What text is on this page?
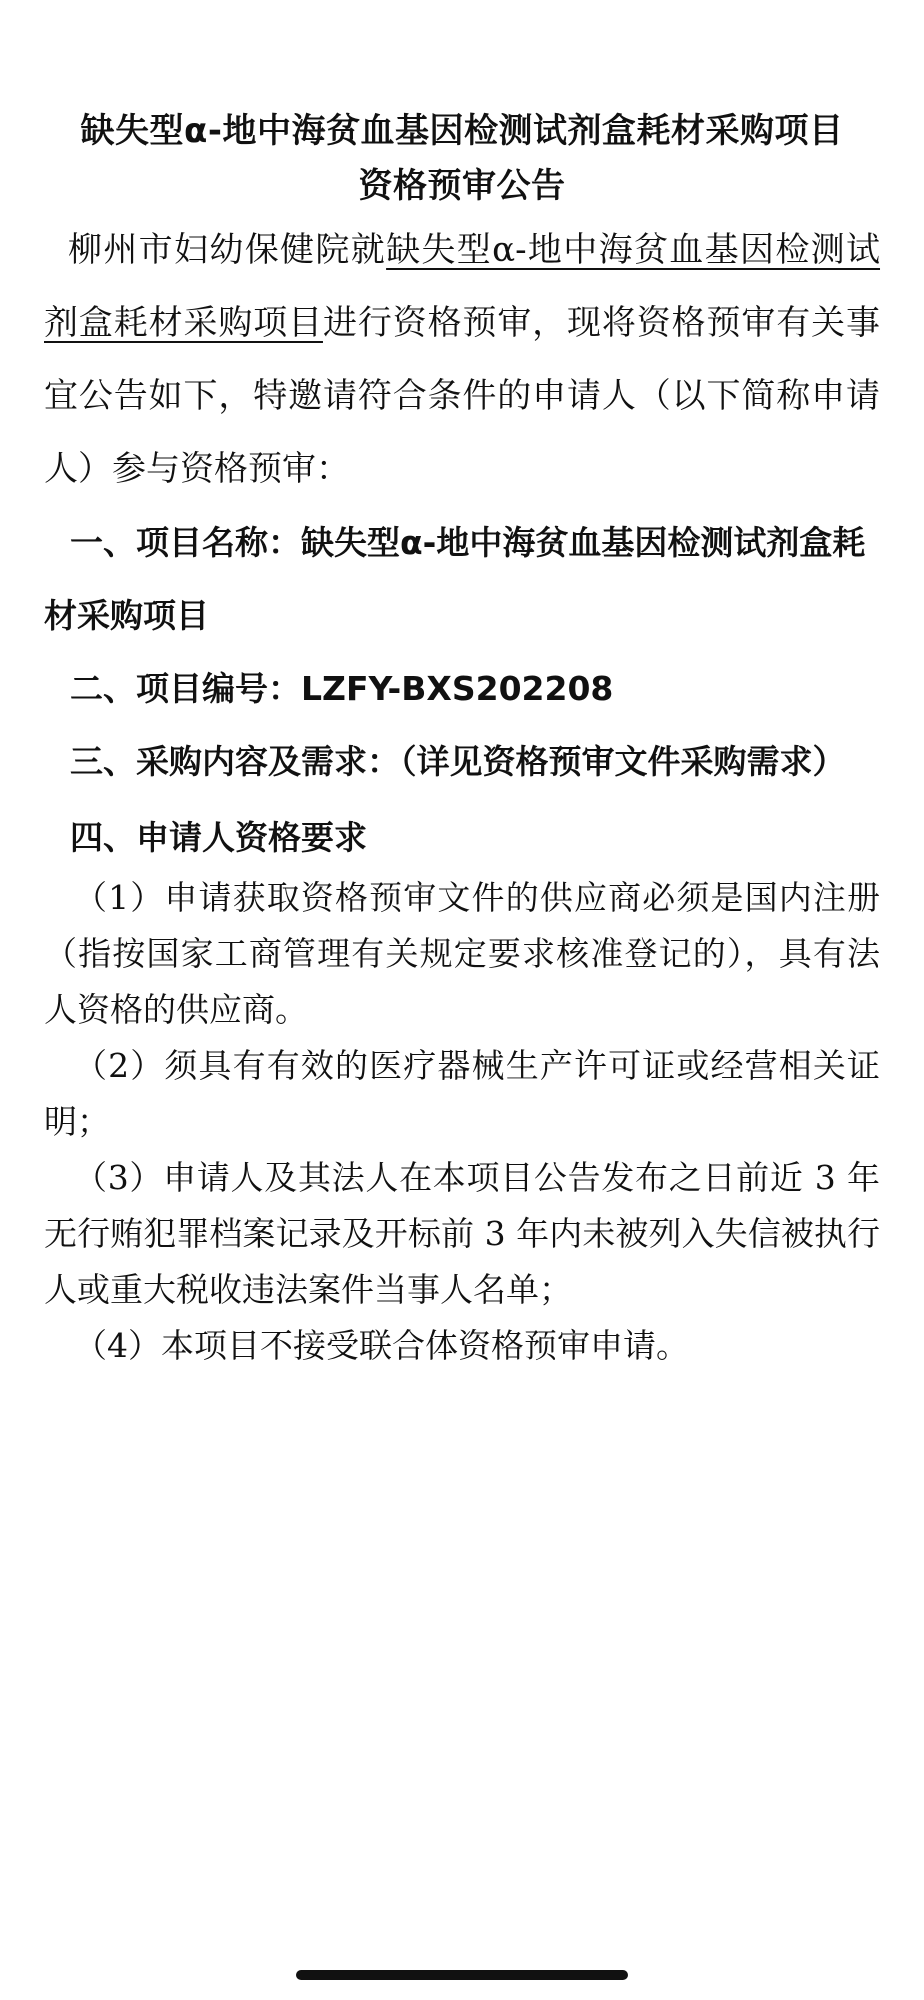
缺失型α-地中海贫血基因检测试剂盒耗材采购项目
资格预审公告

柳州市妇幼保健院就缺失型α-地中海贫血基因检测试剂盒耗材采购项目进行资格预审，现将资格预审有关事宜公告如下，特邀请符合条件的申请人（以下简称申请人）参与资格预审：

一、项目名称：缺失型α-地中海贫血基因检测试剂盒耗材采购项目

二、项目编号：LZFY-BXS202208

三、采购内容及需求：（详见资格预审文件采购需求）

四、申请人资格要求

（1）申请获取资格预审文件的供应商必须是国内注册（指按国家工商管理有关规定要求核准登记的），具有法人资格的供应商。

（2）须具有有效的医疗器械生产许可证或经营相关证明；

（3）申请人及其法人在本项目公告发布之日前近 3 年无行贿犯罪档案记录及开标前 3 年内未被列入失信被执行人或重大税收违法案件当事人名单；

（4）本项目不接受联合体资格预审申请。
